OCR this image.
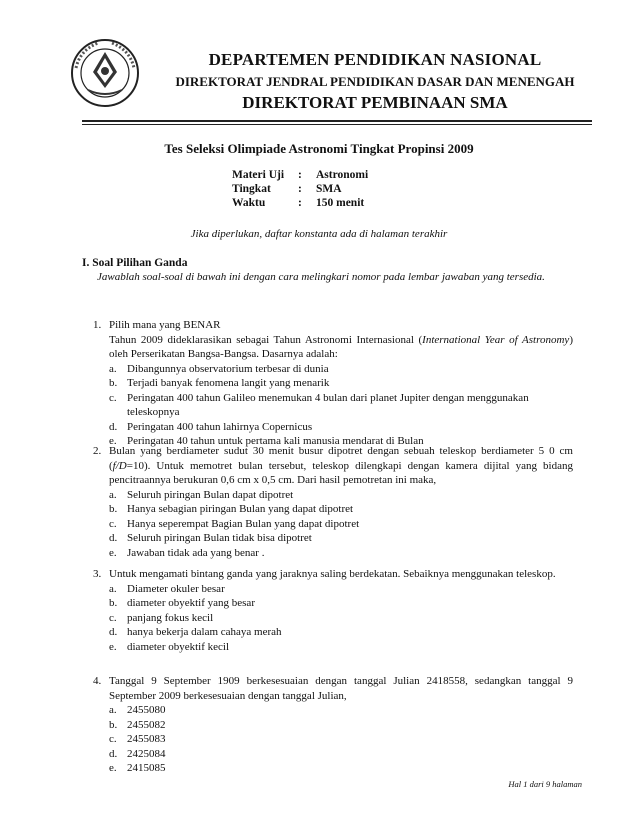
DEPARTEMEN PENDIDIKAN NASIONAL
DIREKTORAT JENDRAL PENDIDIKAN DASAR DAN MENENGAH
DIREKTORAT PEMBINAAN SMA
Tes Seleksi Olimpiade Astronomi Tingkat Propinsi 2009
Materi Uji : Astronomi
Tingkat : SMA
Waktu	: 150 menit
Jika diperlukan, daftar konstanta ada di halaman terakhir
I. Soal Pilihan Ganda
Jawablah soal-soal di bawah ini dengan cara melingkari nomor pada lembar jawaban yang tersedia.
1. Pilih mana yang BENAR
Tahun 2009 dideklarasikan sebagai Tahun Astronomi Internasional (International Year of Astronomy) oleh Perserikatan Bangsa-Bangsa. Dasarnya adalah:
a. Dibangunnya observatorium terbesar di dunia
b. Terjadi banyak fenomena langit yang menarik
c. Peringatan 400 tahun Galileo menemukan 4 bulan dari planet Jupiter dengan menggunakan teleskopnya
d. Peringatan 400 tahun lahirnya Copernicus
e. Peringatan 40 tahun untuk pertama kali manusia mendarat di Bulan
2. Bulan yang berdiameter sudut 30 menit busur dipotret dengan sebuah teleskop berdiameter 5 0 cm (f/D=10). Untuk memotret bulan tersebut, teleskop dilengkapi dengan kamera dijital yang bidang pencitraannya berukuran 0,6 cm x 0,5 cm. Dari hasil pemotretan ini maka,
a. Seluruh piringan Bulan dapat dipotret
b. Hanya sebagian piringan Bulan yang dapat dipotret
c. Hanya seperempat Bagian Bulan yang dapat dipotret
d. Seluruh piringan Bulan tidak bisa dipotret
e. Jawaban tidak ada yang benar .
3. Untuk mengamati bintang ganda yang jaraknya saling berdekatan. Sebaiknya menggunakan teleskop.
a. Diameter okuler besar
b. diameter obyektif yang besar
c. panjang fokus kecil
d. hanya bekerja dalam cahaya merah
e. diameter obyektif kecil
4. Tanggal 9 September 1909 berkesesuaian dengan tanggal Julian 2418558, sedangkan tanggal 9 September 2009 berkesesuaian dengan tanggal Julian,
a. 2455080
b. 2455082
c. 2455083
d. 2425084
e. 2415085
Hal 1 dari 9 halaman
